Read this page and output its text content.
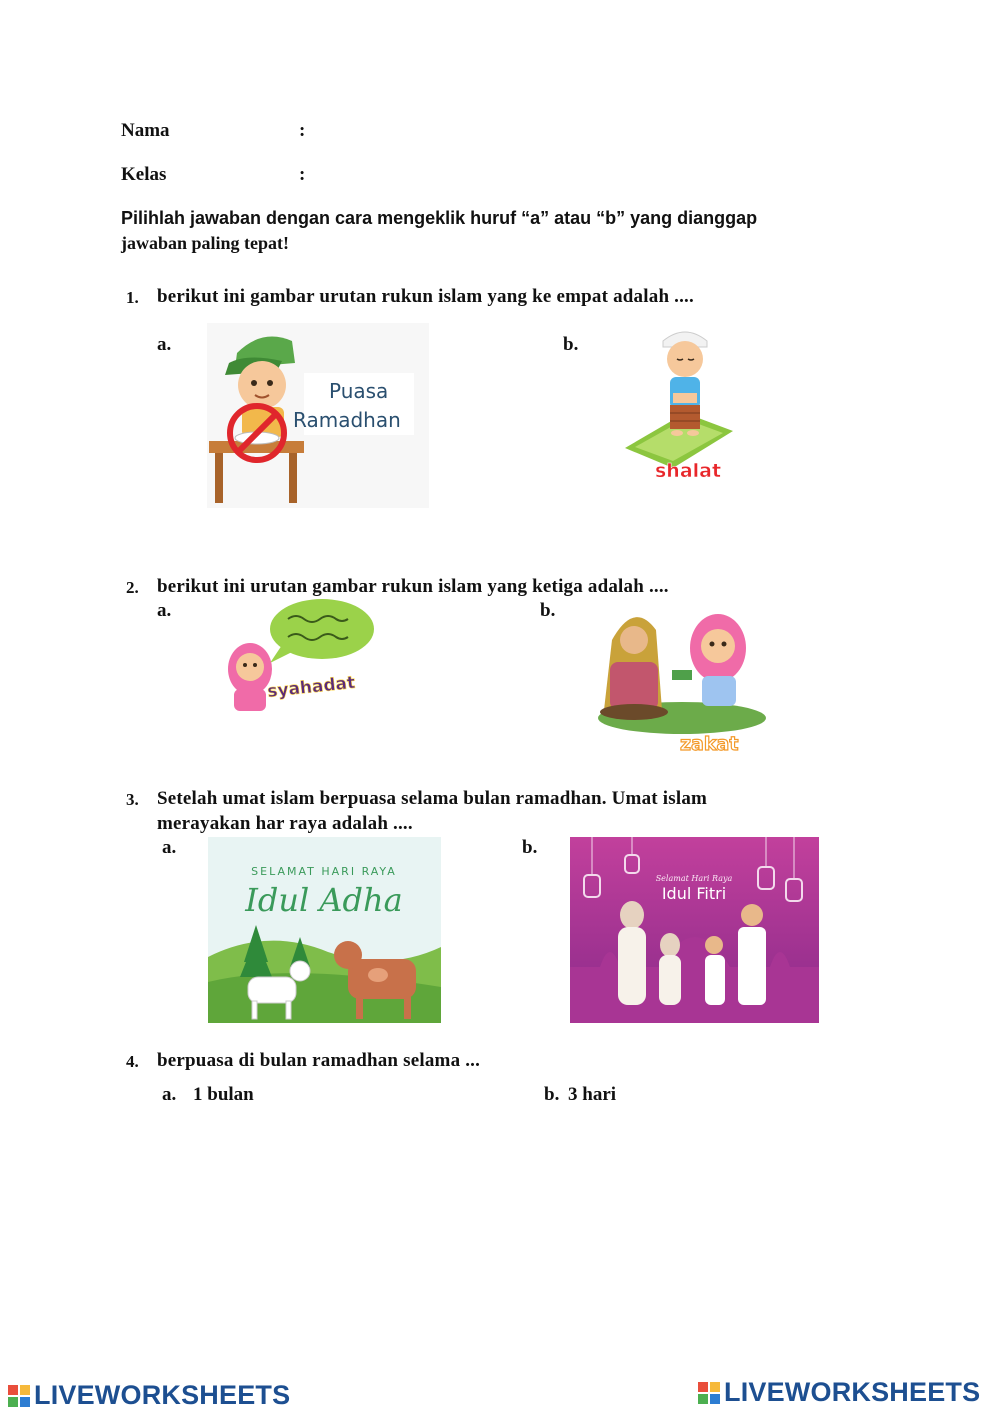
Nama	:
Kelas	:
Pilihlah jawaban dengan cara mengeklik huruf “a” atau “b” yang dianggap
jawaban paling tepat!
1. berikut ini gambar urutan rukun islam yang ke empat adalah ....
a.	b.
Puasa
Ramadhan
shalat
2. berikut ini urutan gambar rukun islam yang ketiga adalah ....
a.	b.
syahadat
zakat
3. Setelah umat islam berpuasa selama bulan ramadhan. Umat islam
merayakan har raya adalah ....
a.	b.
SELAMAT HARI RAYA
Idul Adha
Selamat Hari Raya
Idul Fitri
4. berpuasa di bulan ramadhan selama ...
a. 1 bulan	b. 3 hari
LIVEWORKSHEETS	LIVEWORKSHEETS
